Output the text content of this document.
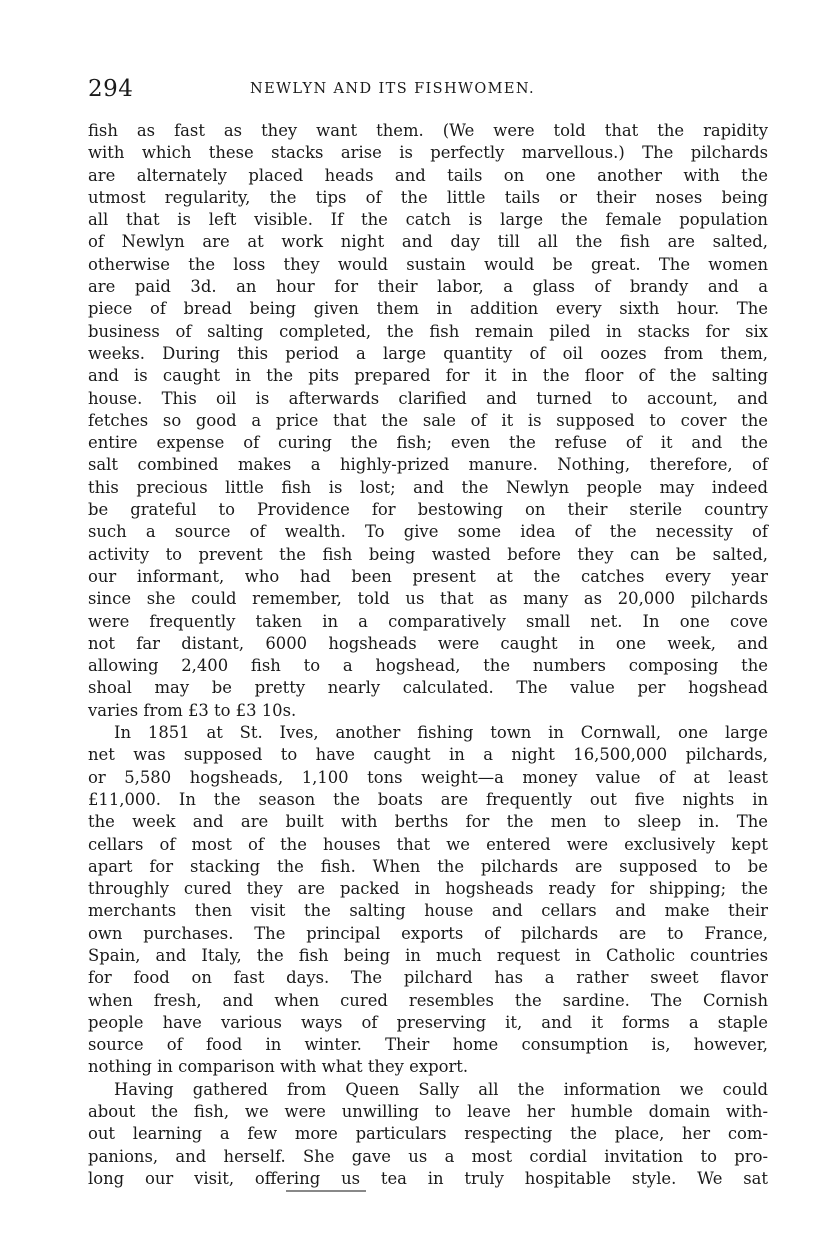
294	NEWLYN AND ITS FISHWOMEN.
fish as fast as they want them. (We were told that the rapidity
with which these stacks arise is perfectly marvellous.) The pilchards
are alternately placed heads and tails on one another with the
utmost regularity, the tips of the little tails or their noses being
all that is left visible. If the catch is large the female population
of Newlyn are at work night and day till all the fish are salted,
otherwise the loss they would sustain would be great. The women
are paid 3d. an hour for their labor, a glass of brandy and a
piece of bread being given them in addition every sixth hour. The
business of salting completed, the fish remain piled in stacks for six
weeks. During this period a large quantity of oil oozes from them,
and is caught in the pits prepared for it in the floor of the salting
house. This oil is afterwards clarified and turned to account, and
fetches so good a price that the sale of it is supposed to cover the
entire expense of curing the fish; even the refuse of it and the
salt combined makes a highly-prized manure. Nothing, therefore, of
this precious little fish is lost; and the Newlyn people may indeed
be grateful to Providence for bestowing on their sterile country
such a source of wealth. To give some idea of the necessity of
activity to prevent the fish being wasted before they can be salted,
our informant, who had been present at the catches every year
since she could remember, told us that as many as 20,000 pilchards
were frequently taken in a comparatively small net. In one cove
not far distant, 6000 hogsheads were caught in one week, and
allowing 2,400 fish to a hogshead, the numbers composing the
shoal may be pretty nearly calculated. The value per hogshead
varies from £3 to £3 10s.
In 1851 at St. Ives, another fishing town in Cornwall, one large
net was supposed to have caught in a night 16,500,000 pilchards,
or 5,580 hogsheads, 1,100 tons weight—a money value of at least
£11,000. In the season the boats are frequently out five nights in
the week and are built with berths for the men to sleep in. The
cellars of most of the houses that we entered were exclusively kept
apart for stacking the fish. When the pilchards are supposed to be
throughly cured they are packed in hogsheads ready for shipping; the
merchants then visit the salting house and cellars and make their
own purchases. The principal exports of pilchards are to France,
Spain, and Italy, the fish being in much request in Catholic countries
for food on fast days. The pilchard has a rather sweet flavor
when fresh, and when cured resembles the sardine. The Cornish
people have various ways of preserving it, and it forms a staple
source of food in winter. Their home consumption is, however,
nothing in comparison with what they export.
Having gathered from Queen Sally all the information we could
about the fish, we were unwilling to leave her humble domain with-
out learning a few more particulars respecting the place, her com-
panions, and herself. She gave us a most cordial invitation to pro-
long our visit, offering us tea in truly hospitable style. We sat
